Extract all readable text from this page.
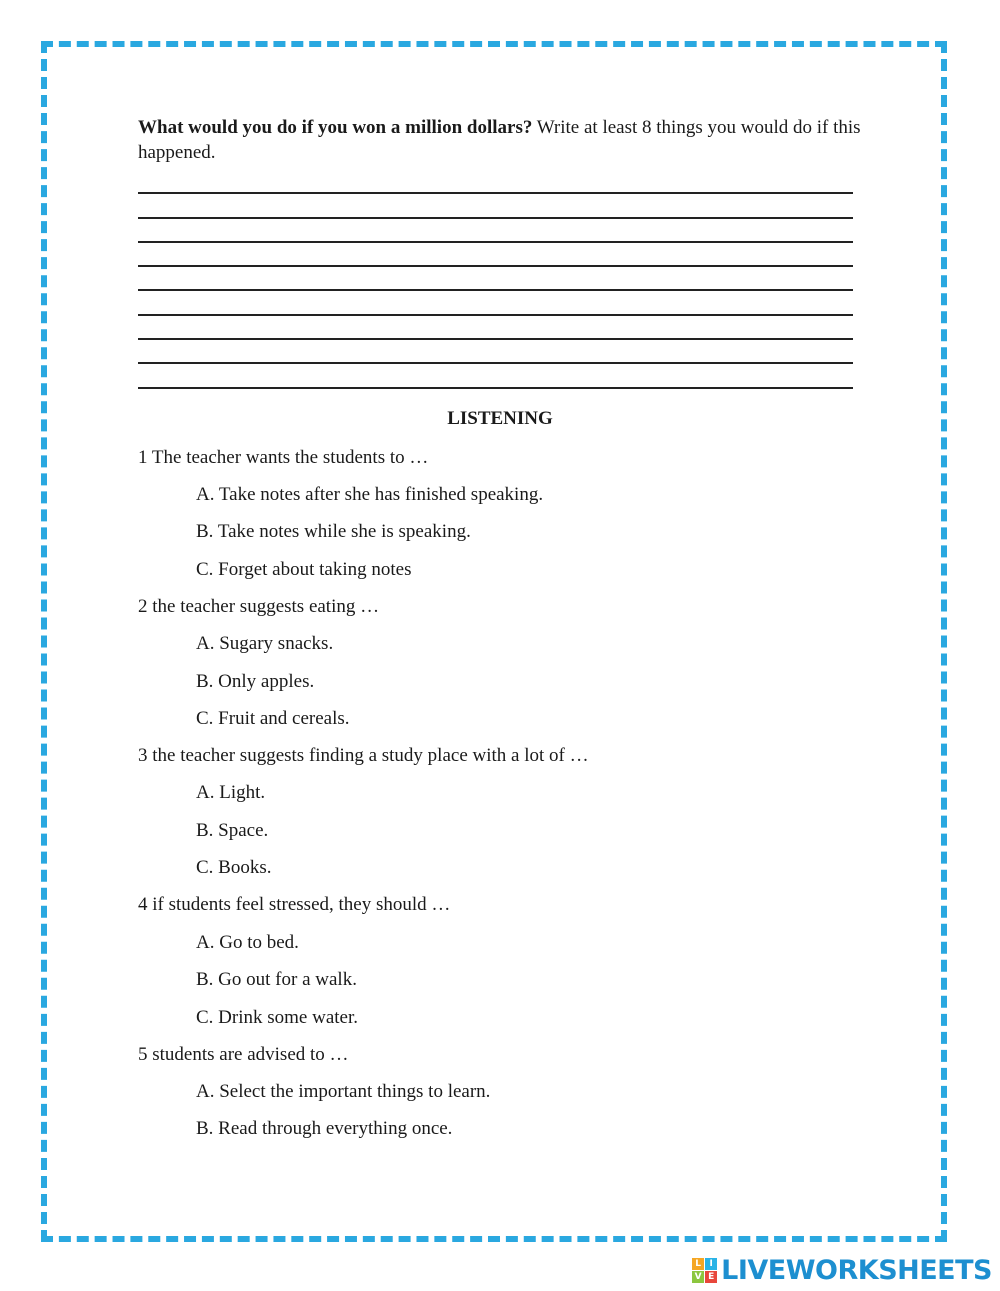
What would you do if you won a million dollars? Write at least 8 things you would do if this happened.
LISTENING
1 The teacher wants the students to …
A. Take notes after she has finished speaking.
B. Take notes while she is speaking.
C. Forget about taking notes
2 the teacher suggests eating …
A. Sugary snacks.
B. Only apples.
C. Fruit and cereals.
3 the teacher suggests finding a study place with a lot of …
A. Light.
B. Space.
C. Books.
4 if students feel stressed, they should …
A. Go to bed.
B. Go out for a walk.
C. Drink some water.
5 students are advised to …
A. Select the important things to learn.
B. Read through everything once.
L I
V E LIVEWORKSHEETS
